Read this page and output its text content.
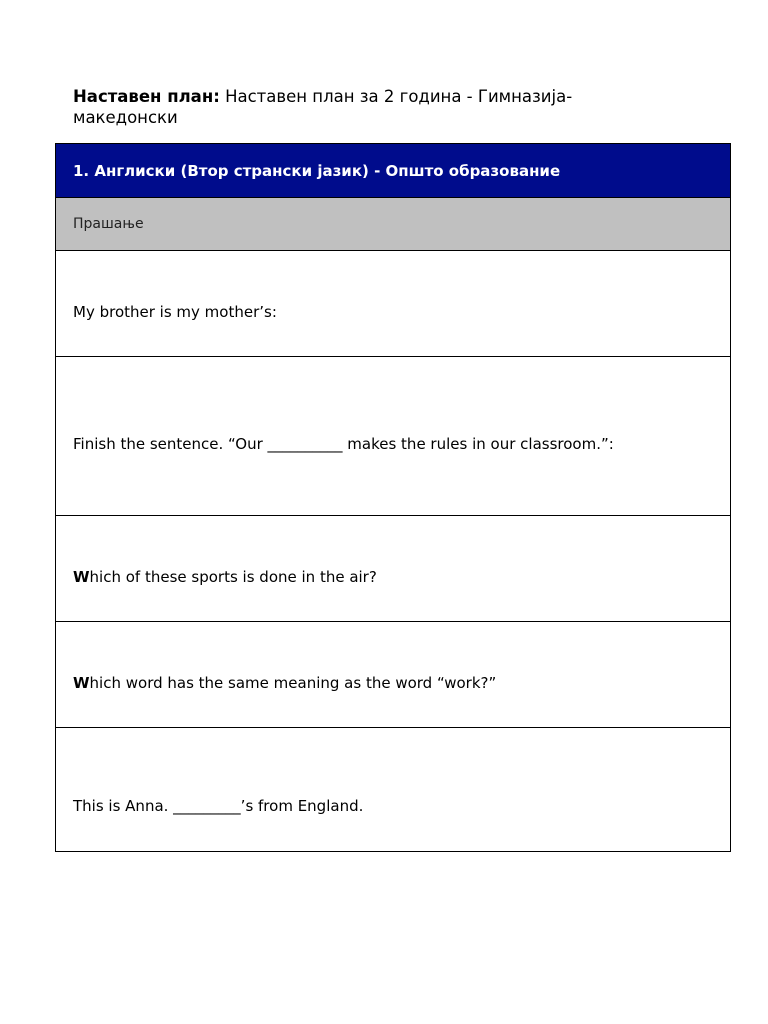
Наставен план: Наставен план за 2 година - Гимназија-македонски
1. Англиски (Втор странски јазик) - Општо образование
Прашање
My brother is my mother’s:
Finish the sentence. “Our __________ makes the rules in our classroom.”:
Which of these sports is done in the air?
Which word has the same meaning as the word “work?”
This is Anna. _________’s from England.
